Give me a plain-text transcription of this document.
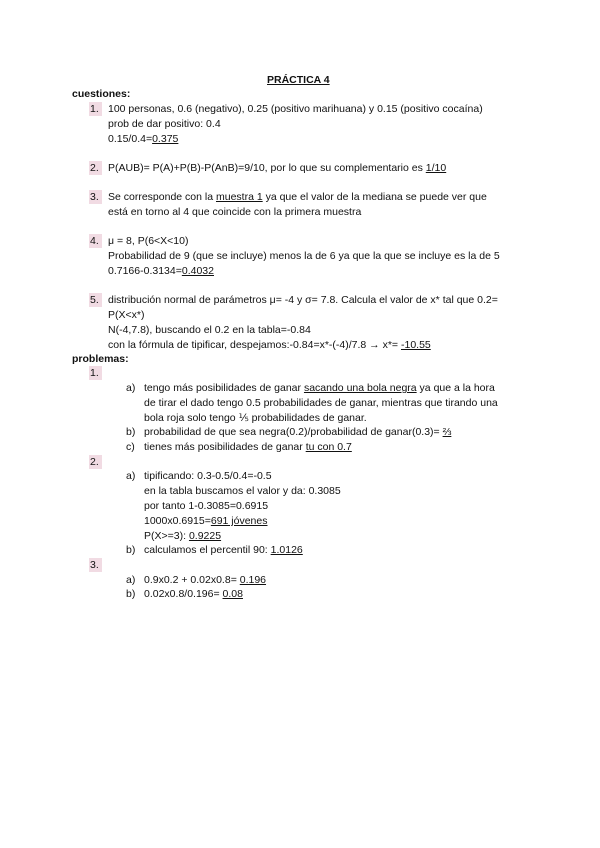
PRÁCTICA 4
cuestiones:
1. 100 personas, 0.6 (negativo), 0.25 (positivo marihuana) y 0.15 (positivo cocaína)
prob de dar positivo: 0.4
0.15/0.4=0.375
2. P(AUB)= P(A)+P(B)-P(AnB)=9/10, por lo que su complementario es 1/10
3. Se corresponde con la muestra 1 ya que el valor de la mediana se puede ver que
está en torno al 4 que coincide con la primera muestra
4. μ = 8, P(6<X<10)
Probabilidad de 9 (que se incluye) menos la de 6 ya que la que se incluye es la de 5
0.7166-0.3134=0.4032
5. distribución normal de parámetros μ= -4 y σ= 7.8. Calcula el valor de x* tal que 0.2=
P(X<x*)
N(-4,7.8), buscando el 0.2 en la tabla=-0.84
con la fórmula de tipificar, despejamos:-0.84=x*-(-4)/7.8 → x*= -10.55
problemas:
1.
a) tengo más posibilidades de ganar sacando una bola negra ya que a la hora
de tirar el dado tengo 0.5 probabilidades de ganar, mientras que tirando una
bola roja solo tengo ⅕ probabilidades de ganar.
b) probabilidad de que sea negra(0.2)/probabilidad de ganar(0.3)= ⅔
c) tienes más posibilidades de ganar tu con 0.7
2.
a) tipificando: 0.3-0.5/0.4=-0.5
en la tabla buscamos el valor y da: 0.3085
por tanto 1-0.3085=0.6915
1000x0.6915=691 jóvenes
P(X>=3): 0.9225
b) calculamos el percentil 90: 1.0126
3.
a) 0.9x0.2 + 0.02x0.8= 0.196
b) 0.02x0.8/0.196= 0.08
